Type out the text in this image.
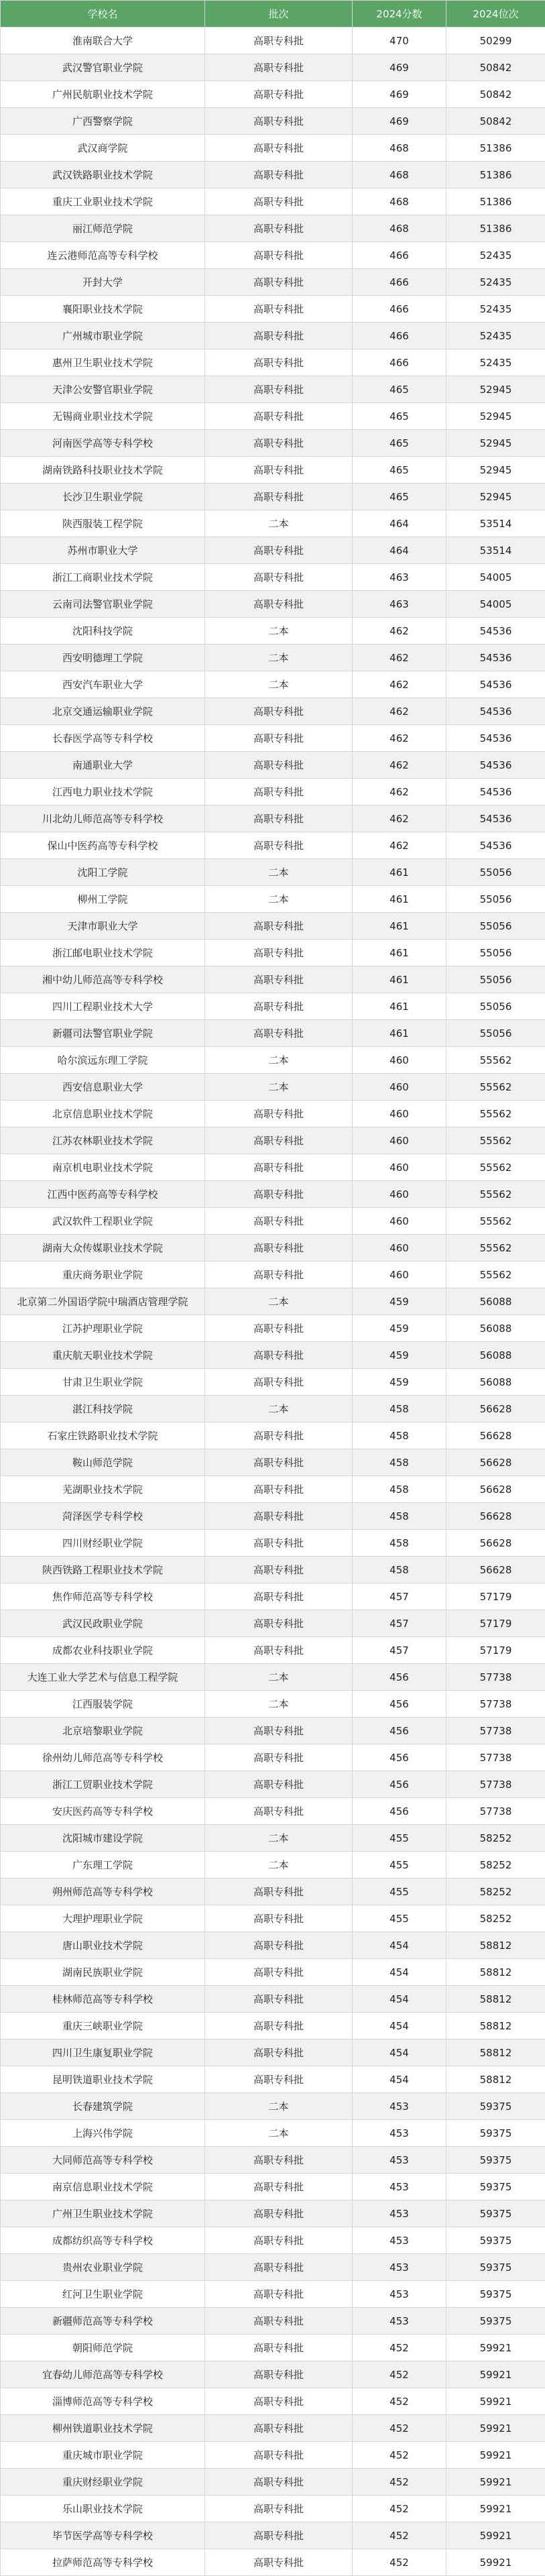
学校名	批次	2024分数	2024位次
淮南联合大学	高职专科批	470	50299
武汉警官职业学院	高职专科批	469	50842
广州民航职业技术学院	高职专科批	469	50842
广西警察学院	高职专科批	469	50842
武汉商学院	高职专科批	468	51386
武汉铁路职业技术学院	高职专科批	468	51386
重庆工业职业技术学院	高职专科批	468	51386
丽江师范学院	高职专科批	468	51386
连云港师范高等专科学校	高职专科批	466	52435
开封大学	高职专科批	466	52435
襄阳职业技术学院	高职专科批	466	52435
广州城市职业学院	高职专科批	466	52435
惠州卫生职业技术学院	高职专科批	466	52435
天津公安警官职业学院	高职专科批	465	52945
无锡商业职业技术学院	高职专科批	465	52945
河南医学高等专科学校	高职专科批	465	52945
湖南铁路科技职业技术学院	高职专科批	465	52945
长沙卫生职业学院	高职专科批	465	52945
陕西服装工程学院	二本	464	53514
苏州市职业大学	高职专科批	464	53514
浙江工商职业技术学院	高职专科批	463	54005
云南司法警官职业学院	高职专科批	463	54005
沈阳科技学院	二本	462	54536
西安明德理工学院	二本	462	54536
西安汽车职业大学	二本	462	54536
北京交通运输职业学院	高职专科批	462	54536
长春医学高等专科学校	高职专科批	462	54536
南通职业大学	高职专科批	462	54536
江西电力职业技术学院	高职专科批	462	54536
川北幼儿师范高等专科学校	高职专科批	462	54536
保山中医药高等专科学校	高职专科批	462	54536
沈阳工学院	二本	461	55056
柳州工学院	二本	461	55056
天津市职业大学	高职专科批	461	55056
浙江邮电职业技术学院	高职专科批	461	55056
湘中幼儿师范高等专科学校	高职专科批	461	55056
四川工程职业技术大学	高职专科批	461	55056
新疆司法警官职业学院	高职专科批	461	55056
哈尔滨远东理工学院	二本	460	55562
西安信息职业大学	二本	460	55562
北京信息职业技术学院	高职专科批	460	55562
江苏农林职业技术学院	高职专科批	460	55562
南京机电职业技术学院	高职专科批	460	55562
江西中医药高等专科学校	高职专科批	460	55562
武汉软件工程职业学院	高职专科批	460	55562
湖南大众传媒职业技术学院	高职专科批	460	55562
重庆商务职业学院	高职专科批	460	55562
北京第二外国语学院中瑞酒店管理学院	二本	459	56088
江苏护理职业学院	高职专科批	459	56088
重庆航天职业技术学院	高职专科批	459	56088
甘肃卫生职业学院	高职专科批	459	56088
湛江科技学院	二本	458	56628
石家庄铁路职业技术学院	高职专科批	458	56628
鞍山师范学院	高职专科批	458	56628
芜湖职业技术学院	高职专科批	458	56628
菏泽医学专科学校	高职专科批	458	56628
四川财经职业学院	高职专科批	458	56628
陕西铁路工程职业技术学院	高职专科批	458	56628
焦作师范高等专科学校	高职专科批	457	57179
武汉民政职业学院	高职专科批	457	57179
成都农业科技职业学院	高职专科批	457	57179
大连工业大学艺术与信息工程学院	二本	456	57738
江西服装学院	二本	456	57738
北京培黎职业学院	高职专科批	456	57738
徐州幼儿师范高等专科学校	高职专科批	456	57738
浙江工贸职业技术学院	高职专科批	456	57738
安庆医药高等专科学校	高职专科批	456	57738
沈阳城市建设学院	二本	455	58252
广东理工学院	二本	455	58252
朔州师范高等专科学校	高职专科批	455	58252
大理护理职业学院	高职专科批	455	58252
唐山职业技术学院	高职专科批	454	58812
湖南民族职业学院	高职专科批	454	58812
桂林师范高等专科学校	高职专科批	454	58812
重庆三峡职业学院	高职专科批	454	58812
四川卫生康复职业学院	高职专科批	454	58812
昆明铁道职业技术学院	高职专科批	454	58812
长春建筑学院	二本	453	59375
上海兴伟学院	二本	453	59375
大同师范高等专科学校	高职专科批	453	59375
南京信息职业技术学院	高职专科批	453	59375
广州卫生职业技术学院	高职专科批	453	59375
成都纺织高等专科学校	高职专科批	453	59375
贵州农业职业学院	高职专科批	453	59375
红河卫生职业学院	高职专科批	453	59375
新疆师范高等专科学校	高职专科批	453	59375
朝阳师范学院	高职专科批	452	59921
宜春幼儿师范高等专科学校	高职专科批	452	59921
淄博师范高等专科学校	高职专科批	452	59921
柳州铁道职业技术学院	高职专科批	452	59921
重庆城市职业学院	高职专科批	452	59921
重庆财经职业学院	高职专科批	452	59921
乐山职业技术学院	高职专科批	452	59921
毕节医学高等专科学校	高职专科批	452	59921
拉萨师范高等专科学校	高职专科批	452	59921
